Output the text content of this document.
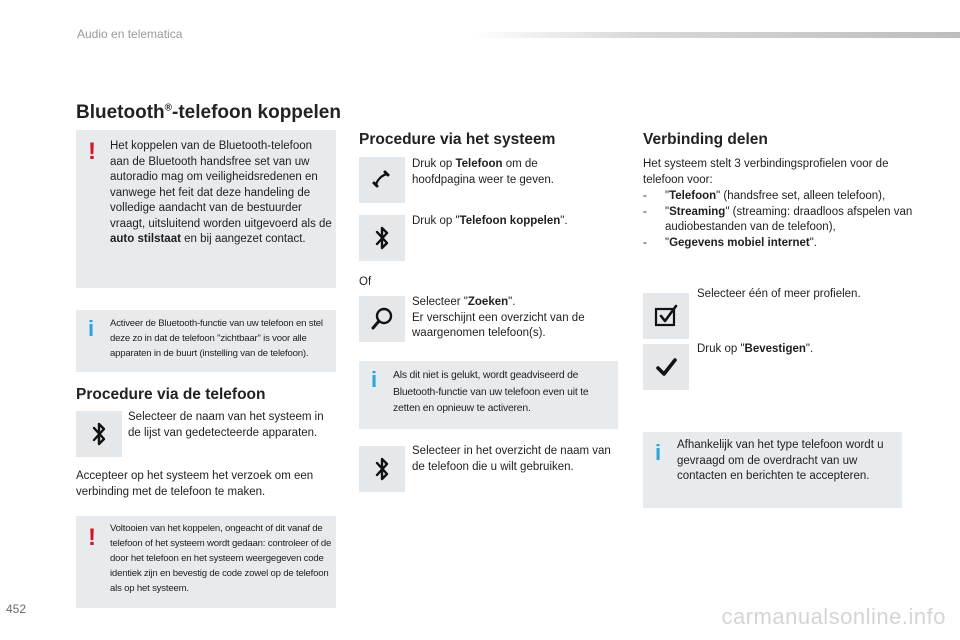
Audio en telematica
Bluetooth®-telefoon koppelen
! Het koppelen van de Bluetooth-telefoon aan de Bluetooth handsfree set van uw autoradio mag om veiligheidsredenen en vanwege het feit dat deze handeling de volledige aandacht van de bestuurder vraagt, uitsluitend worden uitgevoerd als de auto stilstaat en bij aangezet contact.
i Activeer de Bluetooth-functie van uw telefoon en stel deze zo in dat de telefoon "zichtbaar" is voor alle apparaten in de buurt (instelling van de telefoon).
Procedure via de telefoon
Selecteer de naam van het systeem in de lijst van gedetecteerde apparaten.
Accepteer op het systeem het verzoek om een verbinding met de telefoon te maken.
! Voltooien van het koppelen, ongeacht of dit vanaf de telefoon of het systeem wordt gedaan: controleer of de door het telefoon en het systeem weergegeven code identiek zijn en bevestig de code zowel op de telefoon als op het systeem.
Procedure via het systeem
Druk op Telefoon om de hoofdpagina weer te geven.
Druk op "Telefoon koppelen".
Of
Selecteer "Zoeken".
Er verschijnt een overzicht van de waargenomen telefoon(s).
i Als dit niet is gelukt, wordt geadviseerd de Bluetooth-functie van uw telefoon even uit te zetten en opnieuw te activeren.
Selecteer in het overzicht de naam van de telefoon die u wilt gebruiken.
Verbinding delen
Het systeem stelt 3 verbindingsprofielen voor de telefoon voor:
-	"Telefoon" (handsfree set, alleen telefoon),
-	"Streaming" (streaming: draadloos afspelen van audiobestanden van de telefoon),
-	"Gegevens mobiel internet".
Selecteer één of meer profielen.
Druk op "Bevestigen".
i Afhankelijk van het type telefoon wordt u gevraagd om de overdracht van uw contacten en berichten te accepteren.
452	carmanualsonline.info
